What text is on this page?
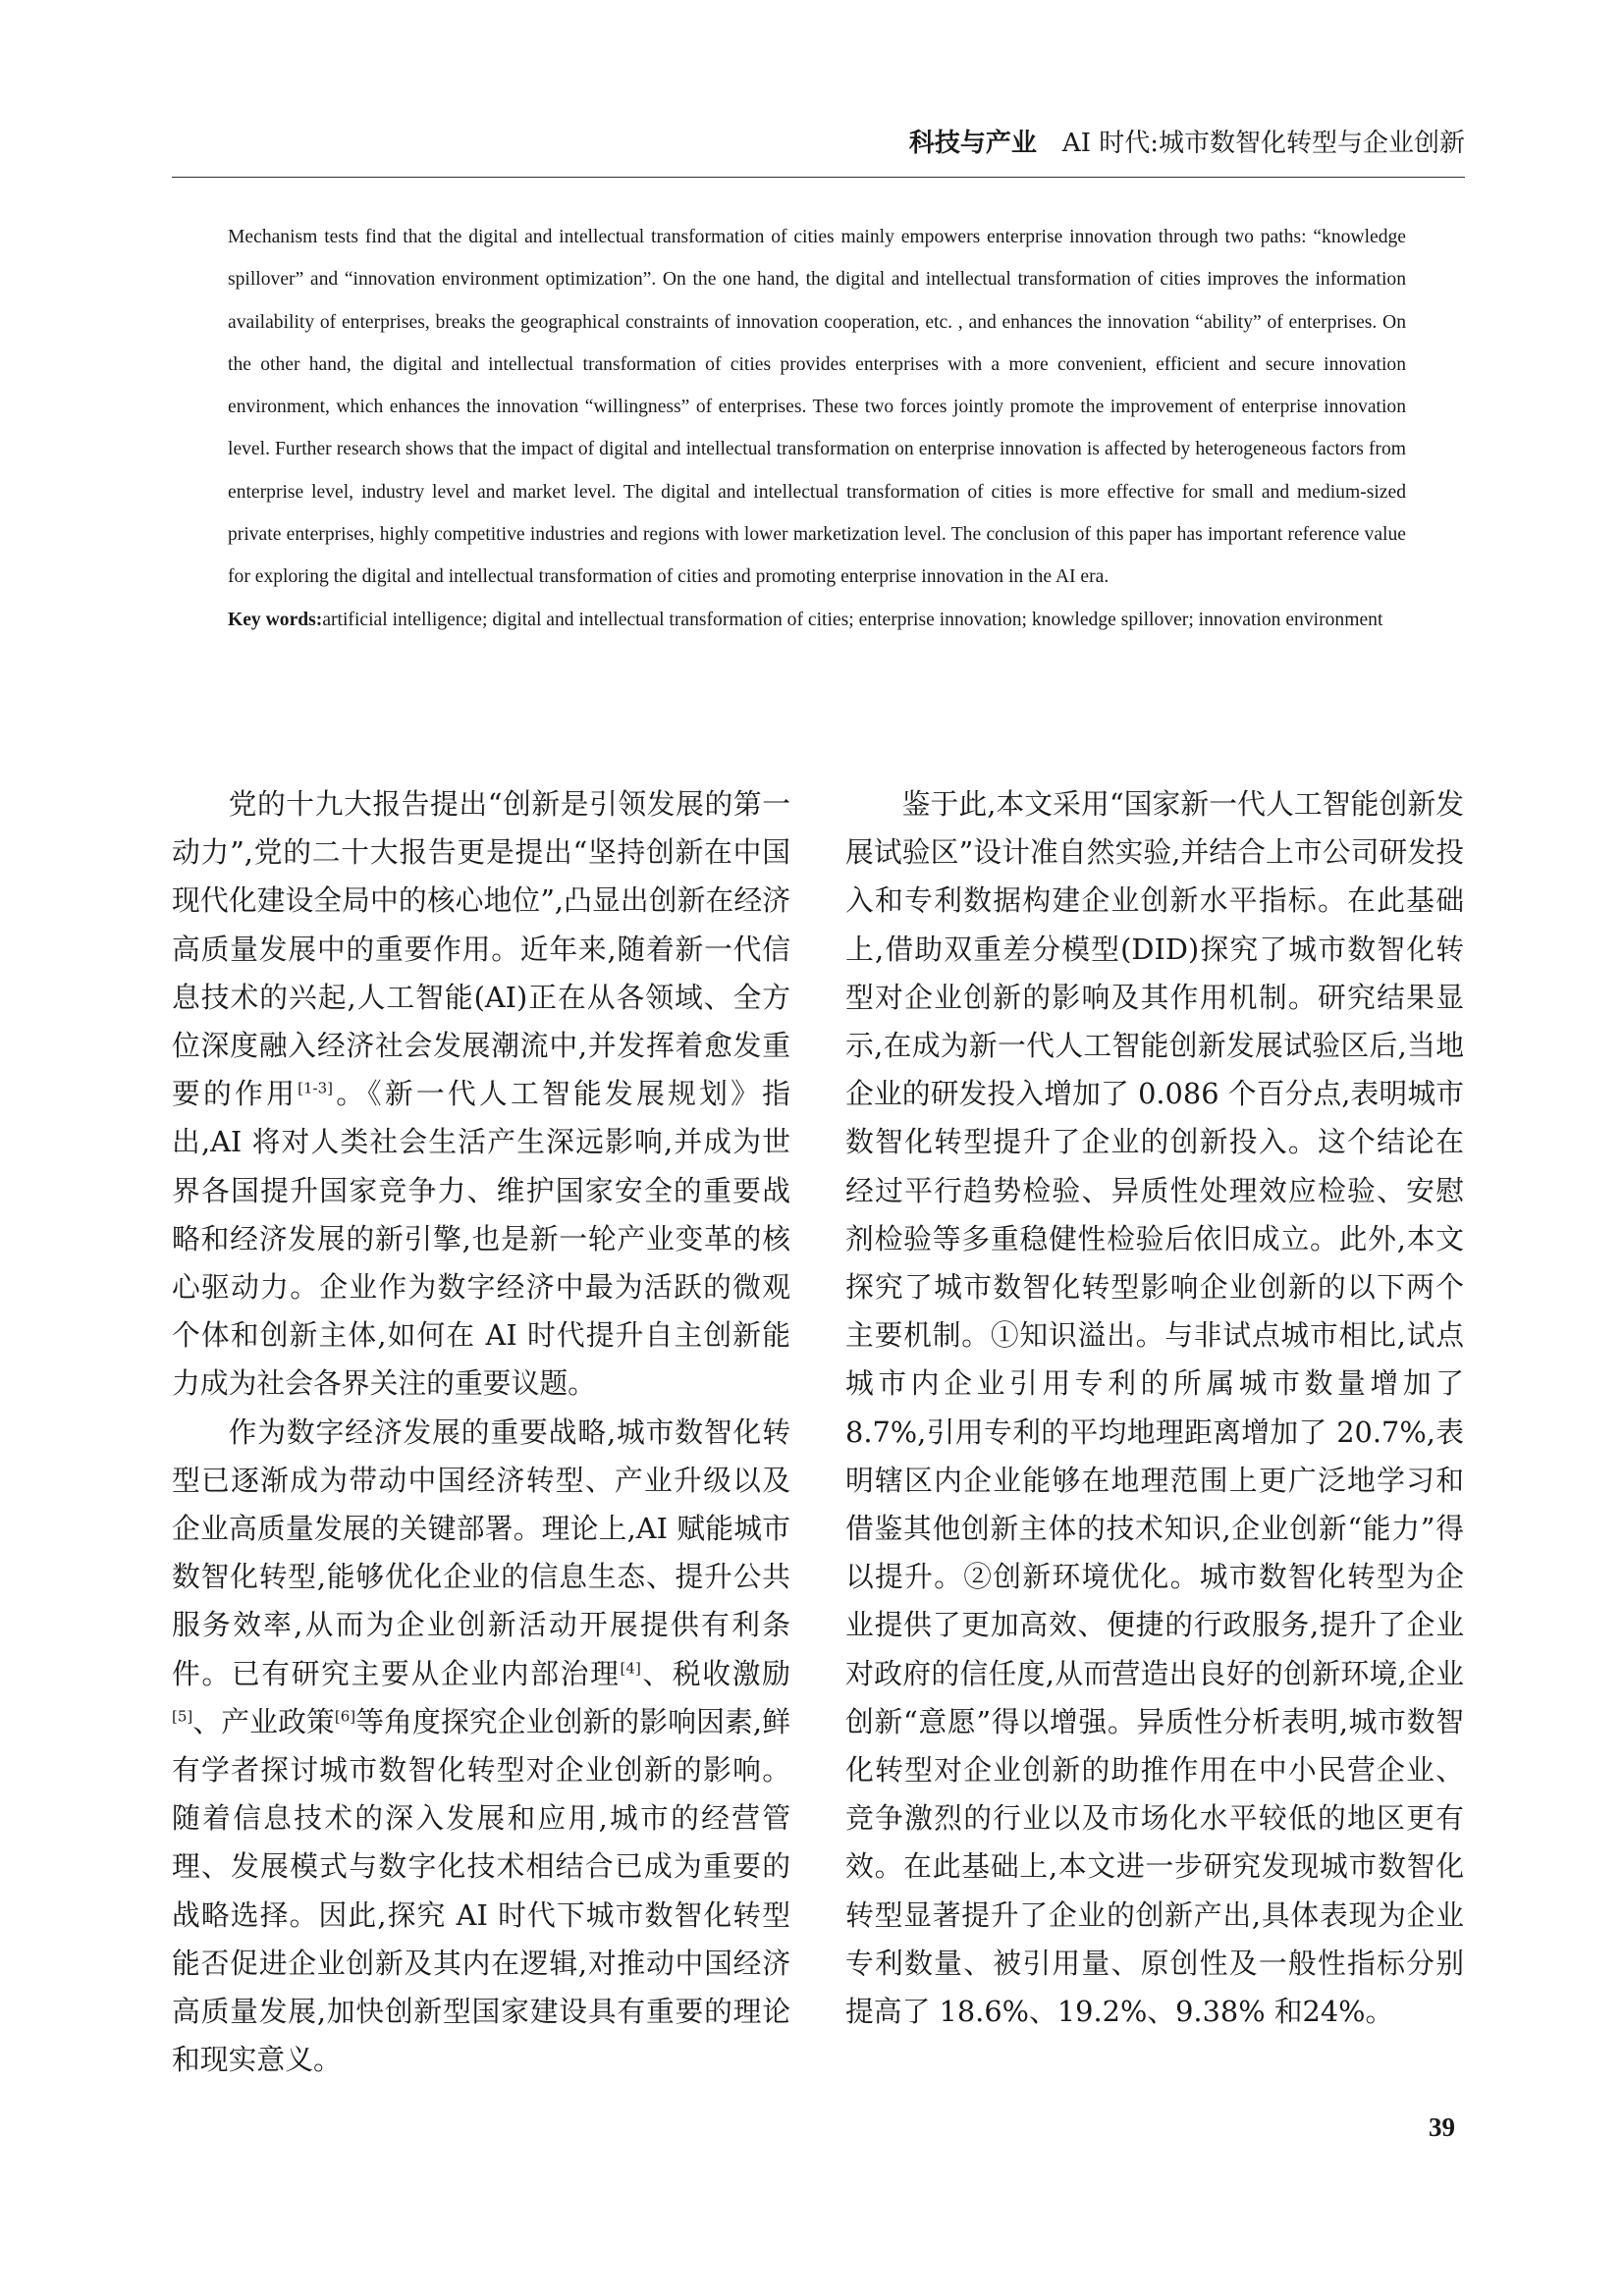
科技与产业 AI 时代:城市数智化转型与企业创新

Mechanism tests find that the digital and intellectual transformation of cities mainly empowers enterprise innovation through two paths: “knowledge spillover” and “innovation environment optimization”. On the one hand, the digital and intellectual transformation of cities improves the information availability of enterprises, breaks the geographical constraints of innovation cooperation, etc. , and enhances the innovation “ability” of enterprises. On the other hand, the digital and intellectual transformation of cities provides enterprises with a more convenient, efficient and secure innovation environment, which enhances the innovation “willingness” of enterprises. These two forces jointly promote the improvement of enterprise innovation level. Further research shows that the impact of digital and intellectual transformation on enterprise innovation is affected by heterogeneous factors from enterprise level, industry level and market level. The digital and intellectual transformation of cities is more effective for small and medium-sized private enterprises, highly competitive industries and regions with lower marketization level. The conclusion of this paper has important reference value for exploring the digital and intellectual transformation of cities and promoting enterprise innovation in the AI era.

Key words:artificial intelligence; digital and intellectual transformation of cities; enterprise innovation; knowledge spillover; innovation environment

党的十九大报告提出“创新是引领发展的第一动力”,党的二十大报告更是提出“坚持创新在中国现代化建设全局中的核心地位”,凸显出创新在经济高质量发展中的重要作用。近年来,随着新一代信息技术的兴起,人工智能(AI)正在从各领域、全方位深度融入经济社会发展潮流中,并发挥着愈发重要的作用[1-3]。《新一代人工智能发展规划》指出,AI 将对人类社会生活产生深远影响,并成为世界各国提升国家竞争力、维护国家安全的重要战略和经济发展的新引擎,也是新一轮产业变革的核心驱动力。企业作为数字经济中最为活跃的微观个体和创新主体,如何在 AI 时代提升自主创新能力成为社会各界关注的重要议题。

作为数字经济发展的重要战略,城市数智化转型已逐渐成为带动中国经济转型、产业升级以及企业高质量发展的关键部署。理论上,AI 赋能城市数智化转型,能够优化企业的信息生态、提升公共服务效率,从而为企业创新活动开展提供有利条件。已有研究主要从企业内部治理[4]、税收激励[5]、产业政策[6]等角度探究企业创新的影响因素,鲜有学者探讨城市数智化转型对企业创新的影响。随着信息技术的深入发展和应用,城市的经营管理、发展模式与数字化技术相结合已成为重要的战略选择。因此,探究 AI 时代下城市数智化转型能否促进企业创新及其内在逻辑,对推动中国经济高质量发展,加快创新型国家建设具有重要的理论和现实意义。

鉴于此,本文采用“国家新一代人工智能创新发展试验区”设计准自然实验,并结合上市公司研发投入和专利数据构建企业创新水平指标。在此基础上,借助双重差分模型(DID)探究了城市数智化转型对企业创新的影响及其作用机制。研究结果显示,在成为新一代人工智能创新发展试验区后,当地企业的研发投入增加了 0.086 个百分点,表明城市数智化转型提升了企业的创新投入。这个结论在经过平行趋势检验、异质性处理效应检验、安慰剂检验等多重稳健性检验后依旧成立。此外,本文探究了城市数智化转型影响企业创新的以下两个主要机制。①知识溢出。与非试点城市相比,试点城市内企业引用专利的所属城市数量增加了 8.7%,引用专利的平均地理距离增加了 20.7%,表明辖区内企业能够在地理范围上更广泛地学习和借鉴其他创新主体的技术知识,企业创新“能力”得以提升。②创新环境优化。城市数智化转型为企业提供了更加高效、便捷的行政服务,提升了企业对政府的信任度,从而营造出良好的创新环境,企业创新“意愿”得以增强。异质性分析表明,城市数智化转型对企业创新的助推作用在中小民营企业、竞争激烈的行业以及市场化水平较低的地区更有效。在此基础上,本文进一步研究发现城市数智化转型显著提升了企业的创新产出,具体表现为企业专利数量、被引用量、原创性及一般性指标分别提高了 18.6%、19.2%、9.38% 和24%。

39
